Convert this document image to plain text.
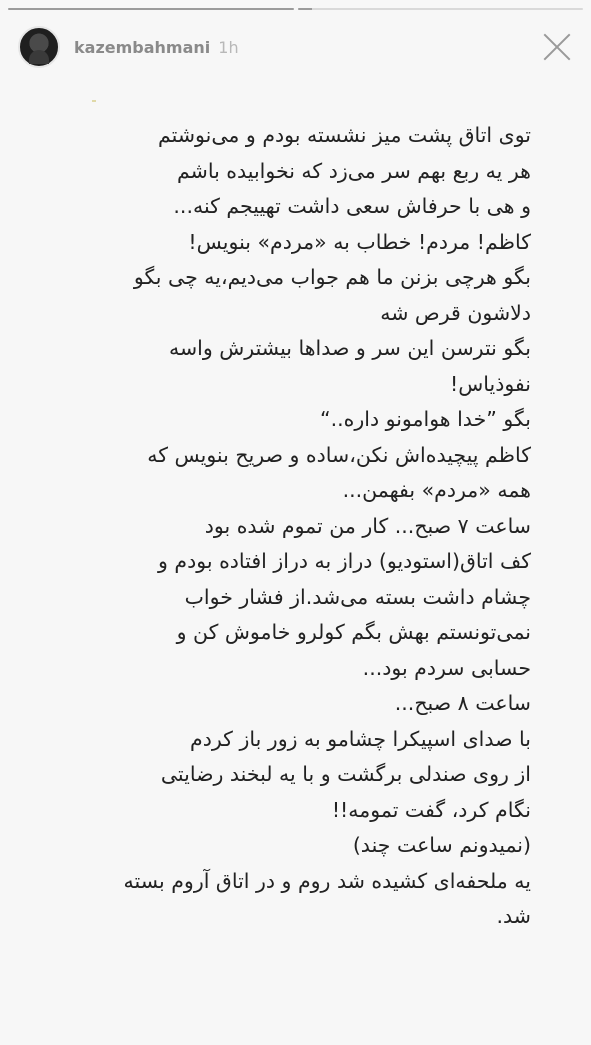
kazembahmani 1h
توی اتاق پشت میز نشسته بودم و می‌نوشتم
هر یه ربع بهم سر می‌زد که نخوابیده باشم
و هی با حرفاش سعی داشت تهییجم کنه...
کاظم! مردم! خطاب به «مردم» بنویس!
بگو هرچی بزنن ما هم جواب می‌دیم،یه چی بگو
دلاشون قرص شه
بگو نترسن این سر و صداها بیشترش واسه
نفوذیاس!
بگو ”خدا هوامونو داره..“
کاظم پیچیده‌اش نکن،ساده و صریح بنویس که
همه «مردم» بفهمن...
ساعت ۷ صبح... کار من تموم شده بود
کف اتاق(استودیو) دراز به دراز افتاده بودم و
چشام داشت بسته می‌شد.از فشار خواب
نمی‌تونستم بهش بگم کولرو خاموش کن و
حسابی سردم بود...
ساعت ۸ صبح...
با صدای اسپیکرا چشامو به زور باز کردم
از روی صندلی برگشت و با یه لبخند رضایتی
نگام کرد، گفت تمومه!!
(نمیدونم ساعت چند)
یه ملحفه‌ای کشیده شد روم و در اتاق آروم بسته
شد.
